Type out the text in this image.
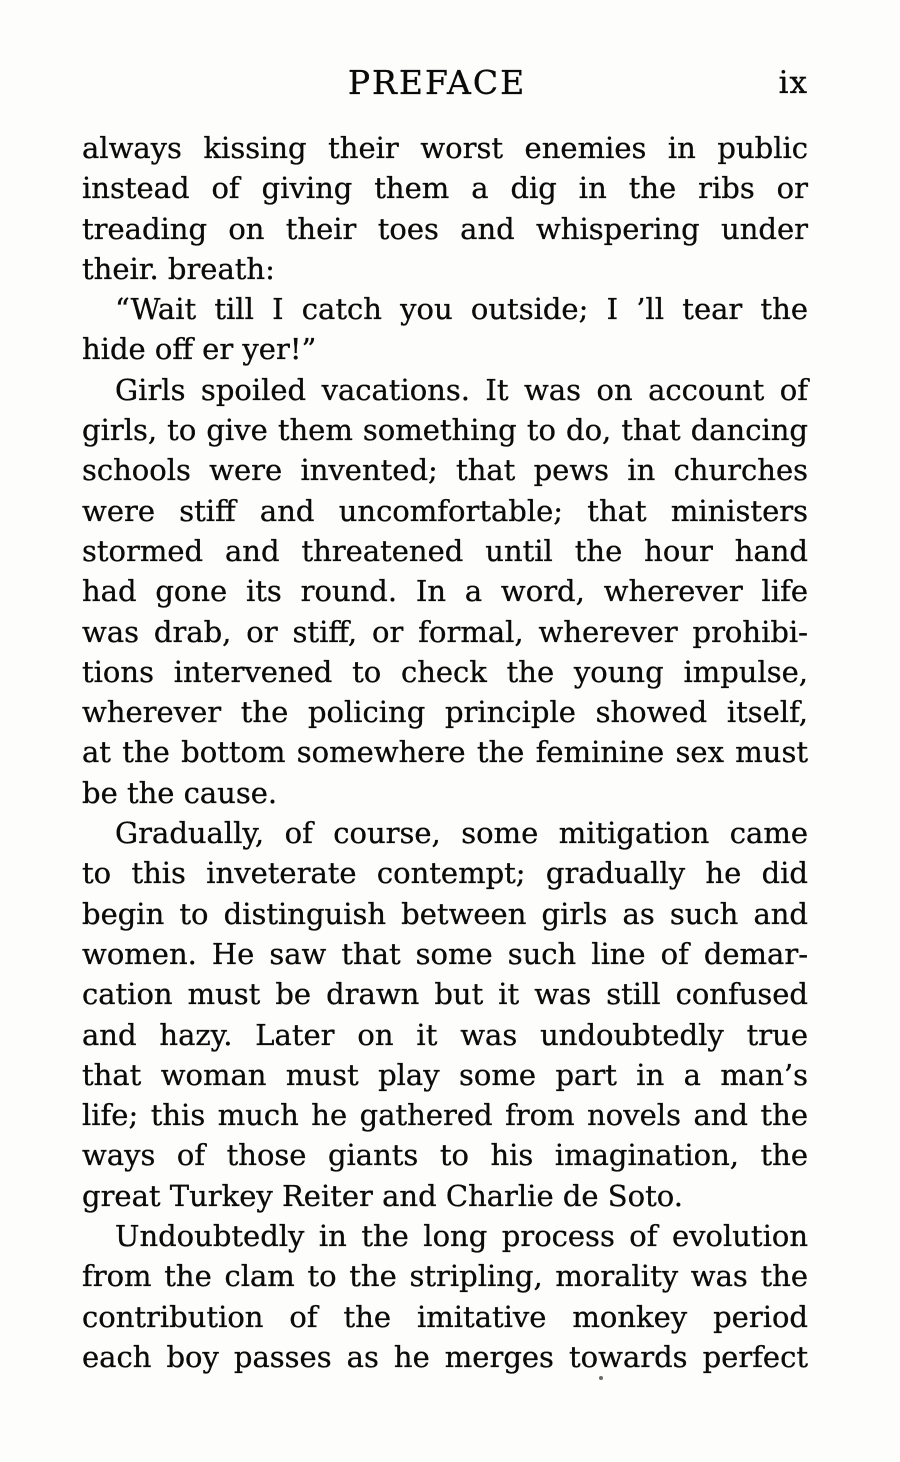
PREFACE	ix
always kissing their worst enemies in public
instead of giving them a dig in the ribs or
treading on their toes and whispering under
their. breath:
“Wait till I catch you outside; I ’ll tear the
hide off er yer!”
Girls spoiled vacations. It was on account of
girls, to give them something to do, that dancing
schools were invented; that pews in churches
were stiff and uncomfortable; that ministers
stormed and threatened until the hour hand
had gone its round. In a word, wherever life
was drab, or stiff, or formal, wherever prohibi-
tions intervened to check the young impulse,
wherever the policing principle showed itself,
at the bottom somewhere the feminine sex must
be the cause.
Gradually, of course, some mitigation came
to this inveterate contempt; gradually he did
begin to distinguish between girls as such and
women. He saw that some such line of demar-
cation must be drawn but it was still confused
and hazy. Later on it was undoubtedly true
that woman must play some part in a man’s
life; this much he gathered from novels and the
ways of those giants to his imagination, the
great Turkey Reiter and Charlie de Soto.
Undoubtedly in the long process of evolution
from the clam to the stripling, morality was the
contribution of the imitative monkey period
each boy passes as he merges towards perfect
